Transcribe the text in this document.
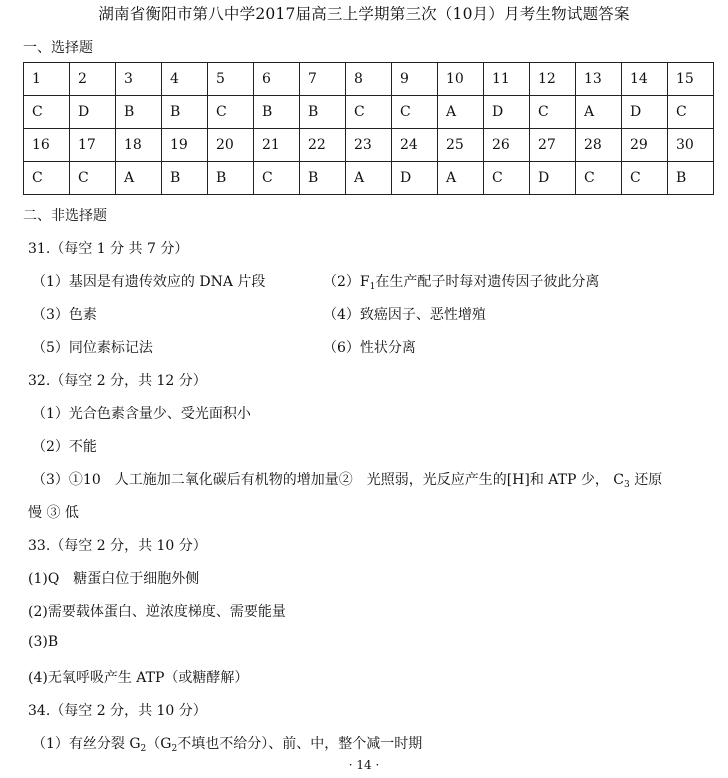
湖南省衡阳市第八中学2017届高三上学期第三次（10月）月考生物试题答案
一、选择题
1	2	3	4	5	6	7	8	9	10	11	12	13	14	15
C	D	B	B	C	B	B	C	C	A	D	C	A	D	C
16	17	18	19	20	21	22	23	24	25	26	27	28	29	30
C	C	A	B	B	C	B	A	D	A	C	D	C	C	B
二、非选择题
31.（每空 1 分 共 7 分）
（1）基因是有遗传效应的 DNA 片段	$(2)F_1$在生产配子时每对遗传因子彼此分离
（3）色素	（4）致癌因子、恶性增殖
（5）同位素标记法	（6）性状分离
32.（每空 2 分，共 12 分）
（1）光合色素含量少、受光面积小
（2）不能
（3）①10　人工施加二氧化碳后有机物的增加量②　光照弱，光反应产生的[H]和 ATP 少， $C_3$ 还原
慢 ③ 低
33.（每空 2 分，共 10 分）
(1)Q　糖蛋白位于细胞外侧
(2)需要载体蛋白、逆浓度梯度、需要能量
(3)B
(4)无氧呼吸产生 ATP（或糖酵解）
34.（每空 2 分，共 10 分）
（1）有丝分裂 $G_2(G_2$不填也不给分）、前、中，整个减一时期
· 14 ·
